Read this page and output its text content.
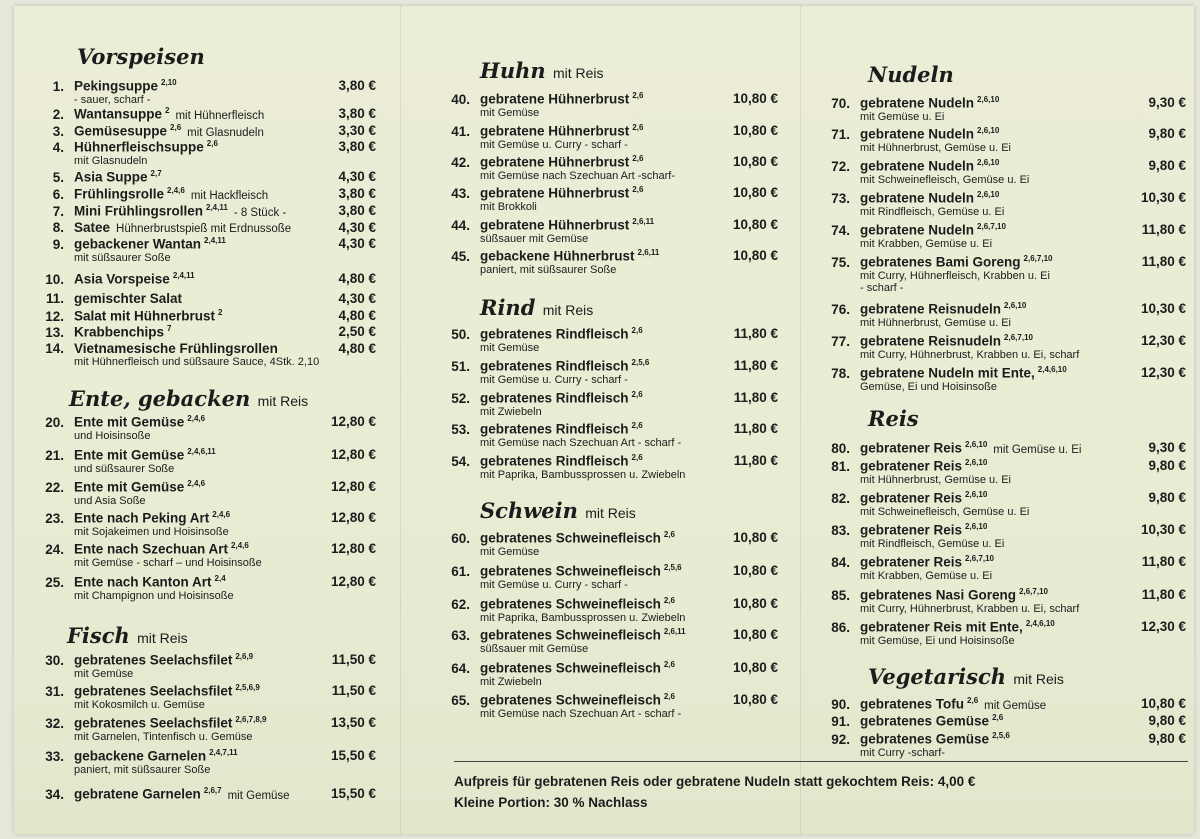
Vorspeisen
1. Pekingsuppe $^{2,10}$	3,80 €
- sauer, scharf -
2. Wantansuppe $^2$ mit Hühnerfleisch	3,80 €
3. Gemüsesuppe $^{2,6}$ mit Glasnudeln	3,30 €
4. Hühnerfleischsuppe $^{2,6}$	3,80 €
mit Glasnudeln
5. Asia Suppe $^{2,7}$	4,30 €
6. Frühlingsrolle $^{2,4,6}$ mit Hackfleisch	3,80 €
7. Mini Frühlingsrollen $^{2,4,11}$ - 8 Stück -	3,80 €
8. Satee Hühnerbrustspieß mit Erdnussoße	4,30 €
9. gebackener Wantan $^{2,4,11}$	4,30 €
mit süßsaurer Soße
10. Asia Vorspeise $^{2,4,11}$	4,80 €
11. gemischter Salat	4,30 €
12. Salat mit Hühnerbrust $^2$	4,80 €
13. Krabbenchips $^7$	2,50 €
14. Vietnamesische Frühlingsrollen	4,80 €
mit Hühnerfleisch und süßsaure Sauce, 4Stk. 2,10
Ente, gebacken mit Reis
20. Ente mit Gemüse $^{2,4,6}$	12,80 €
und Hoisinsoße
21. Ente mit Gemüse $^{2,4,6,11}$	12,80 €
und süßsaurer Soße
22. Ente mit Gemüse $^{2,4,6}$	12,80 €
und Asia Soße
23. Ente nach Peking Art $^{2,4,6}$	12,80 €
mit Sojakeimen und Hoisinsoße
24. Ente nach Szechuan Art $^{2,4,6}$	12,80 €
mit Gemüse - scharf – und Hoisinsoße
25. Ente nach Kanton Art $^{2,4}$	12,80 €
mit Champignon und Hoisinsoße
Fisch mit Reis
30. gebratenes Seelachsfilet $^{2,6,9}$	11,50 €
mit Gemüse
31. gebratenes Seelachsfilet $^{2,5,6,9}$	11,50 €
mit Kokosmilch u. Gemüse
32. gebratenes Seelachsfilet $^{2,6,7,8,9}$	13,50 €
mit Garnelen, Tintenfisch u. Gemüse
33. gebackene Garnelen $^{2,4,7,11}$	15,50 €
paniert, mit süßsaurer Soße
34. gebratene Garnelen $^{2,6,7}$ mit Gemüse	15,50 €
Huhn mit Reis
40. gebratene Hühnerbrust $^{2,6}$	10,80 €
mit Gemüse
41. gebratene Hühnerbrust $^{2,6}$	10,80 €
mit Gemüse u. Curry - scharf -
42. gebratene Hühnerbrust $^{2,6}$	10,80 €
mit Gemüse nach Szechuan Art -scharf-
43. gebratene Hühnerbrust $^{2,6}$	10,80 €
mit Brokkoli
44. gebratene Hühnerbrust $^{2,6,11}$	10,80 €
süßsauer mit Gemüse
45. gebackene Hühnerbrust $^{2,6,11}$	10,80 €
paniert, mit süßsaurer Soße
Rind mit Reis
50. gebratenes Rindfleisch $^{2,6}$	11,80 €
mit Gemüse
51. gebratenes Rindfleisch $^{2,5,6}$	11,80 €
mit Gemüse u. Curry - scharf -
52. gebratenes Rindfleisch $^{2,6}$	11,80 €
mit Zwiebeln
53. gebratenes Rindfleisch $^{2,6}$	11,80 €
mit Gemüse nach Szechuan Art - scharf -
54. gebratenes Rindfleisch $^{2,6}$	11,80 €
mit Paprika, Bambussprossen u. Zwiebeln
Schwein mit Reis
60. gebratenes Schweinefleisch $^{2,6}$	10,80 €
mit Gemüse
61. gebratenes Schweinefleisch $^{2,5,6}$	10,80 €
mit Gemüse u. Curry - scharf -
62. gebratenes Schweinefleisch $^{2,6}$	10,80 €
mit Paprika, Bambussprossen u. Zwiebeln
63. gebratenes Schweinefleisch $^{2,6,11}$	10,80 €
süßsauer mit Gemüse
64. gebratenes Schweinefleisch $^{2,6}$	10,80 €
mit Zwiebeln
65. gebratenes Schweinefleisch $^{2,6}$	10,80 €
mit Gemüse nach Szechuan Art - scharf -
Nudeln
70. gebratene Nudeln $^{2,6,10}$	9,30 €
mit Gemüse u. Ei
71. gebratene Nudeln $^{2,6,10}$	9,80 €
mit Hühnerbrust, Gemüse u. Ei
72. gebratene Nudeln $^{2,6,10}$	9,80 €
mit Schweinefleisch, Gemüse u. Ei
73. gebratene Nudeln $^{2,6,10}$	10,30 €
mit Rindfleisch, Gemüse u. Ei
74. gebratene Nudeln $^{2,6,7,10}$	11,80 €
mit Krabben, Gemüse u. Ei
75. gebratenes Bami Goreng $^{2,6,7,10}$	11,80 €
mit Curry, Hühnerfleisch, Krabben u. Ei
- scharf -
76. gebratene Reisnudeln $^{2,6,10}$	10,30 €
mit Hühnerbrust, Gemüse u. Ei
77. gebratene Reisnudeln $^{2,6,7,10}$	12,30 €
mit Curry, Hühnerbrust, Krabben u. Ei, scharf
78. gebratene Nudeln mit Ente, $^{2,4,6,10}$	12,30 €
Gemüse, Ei und Hoisinsoße
Reis
80. gebratener Reis $^{2,6,10}$ mit Gemüse u. Ei	9,30 €
81. gebratener Reis $^{2,6,10}$	9,80 €
mit Hühnerbrust, Gemüse u. Ei
82. gebratener Reis $^{2,6,10}$	9,80 €
mit Schweinefleisch, Gemüse u. Ei
83. gebratener Reis $^{2,6,10}$	10,30 €
mit Rindfleisch, Gemüse u. Ei
84. gebratener Reis $^{2,6,7,10}$	11,80 €
mit Krabben, Gemüse u. Ei
85. gebratenes Nasi Goreng $^{2,6,7,10}$	11,80 €
mit Curry, Hühnerbrust, Krabben u. Ei, scharf
86. gebratener Reis mit Ente, $^{2,4,6,10}$	12,30 €
mit Gemüse, Ei und Hoisinsoße
Vegetarisch mit Reis
90. gebratenes Tofu $^{2,6}$ mit Gemüse	10,80 €
91. gebratenes Gemüse $^{2,6}$	9,80 €
92. gebratenes Gemüse $^{2,5,6}$	9,80 €
mit Curry -scharf-
Aufpreis für gebratenen Reis oder gebratene Nudeln statt gekochtem Reis: 4,00 €
Kleine Portion: 30 % Nachlass
